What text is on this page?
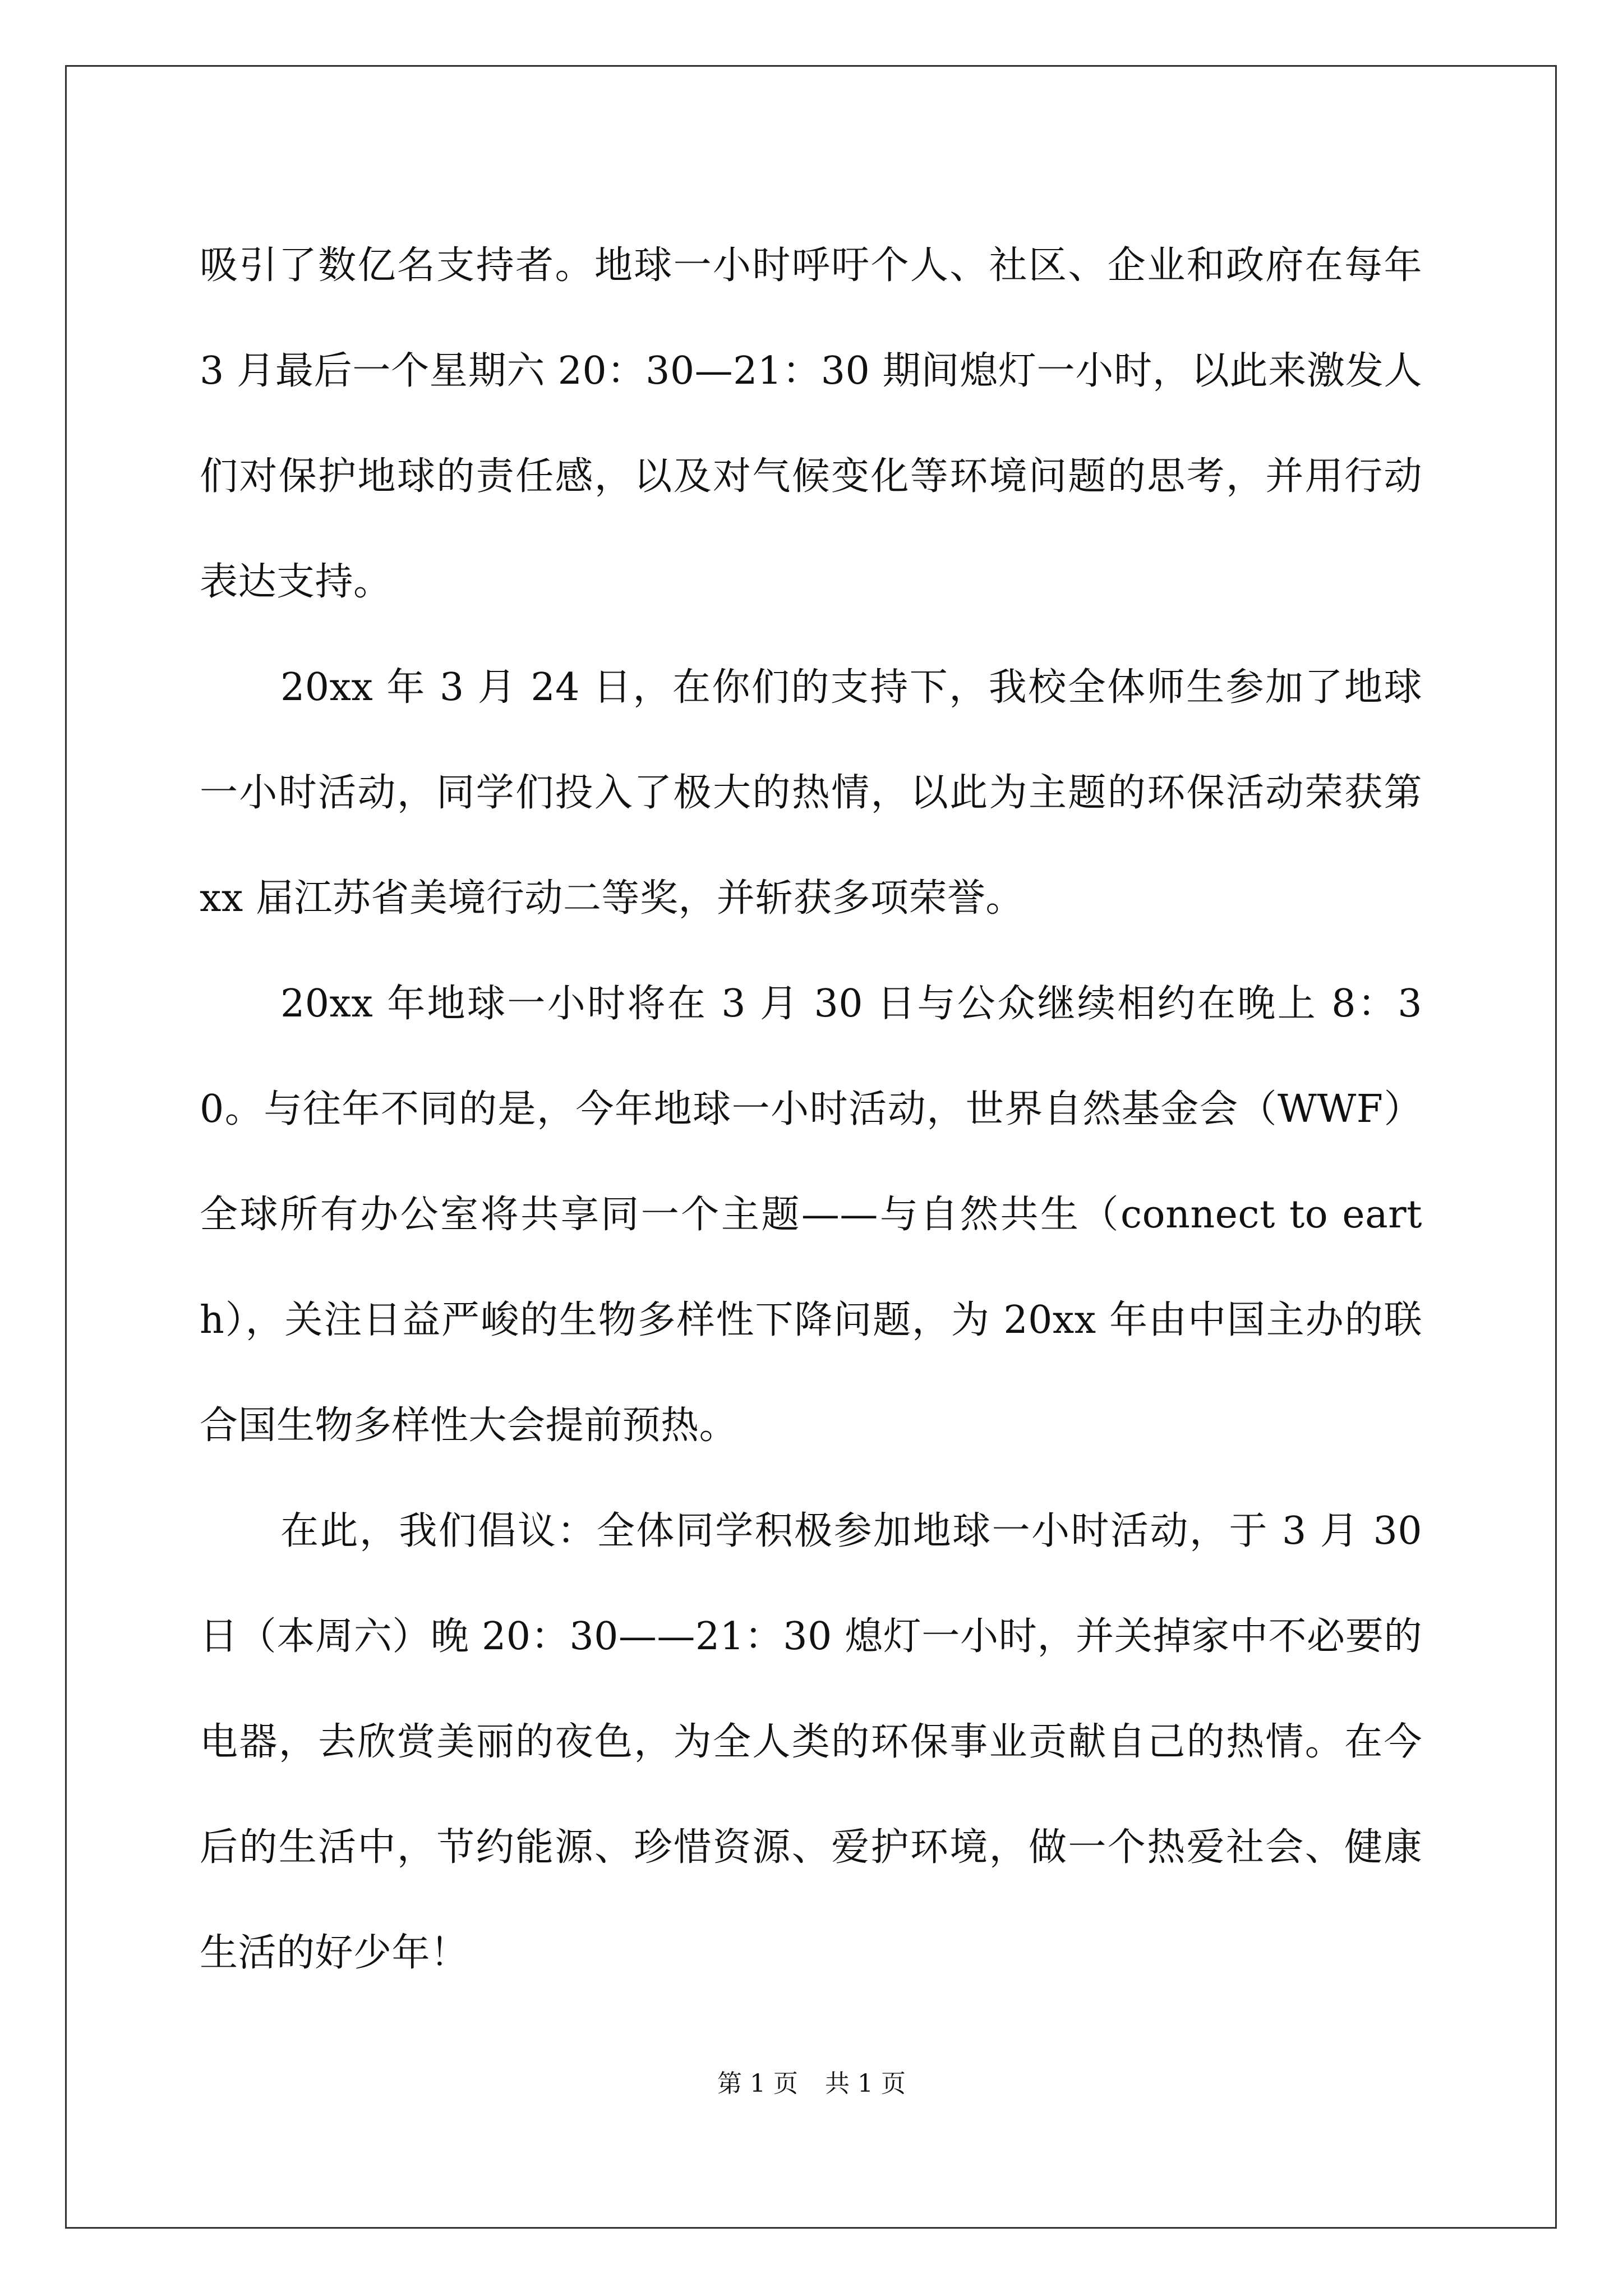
吸引了数亿名支持者。地球一小时呼吁个人、社区、企业和政府在每年 3 月最后一个星期六 20：30—21：30 期间熄灯一小时，以此来激发人们对保护地球的责任感，以及对气候变化等环境问题的思考，并用行动表达支持。

20xx 年 3 月 24 日，在你们的支持下，我校全体师生参加了地球一小时活动，同学们投入了极大的热情，以此为主题的环保活动荣获第 xx 届江苏省美境行动二等奖，并斩获多项荣誉。

20xx 年地球一小时将在 3 月 30 日与公众继续相约在晚上 8：30。与往年不同的是，今年地球一小时活动，世界自然基金会（WWF）全球所有办公室将共享同一个主题——与自然共生（connect to earth），关注日益严峻的生物多样性下降问题，为 20xx 年由中国主办的联合国生物多样性大会提前预热。

在此，我们倡议：全体同学积极参加地球一小时活动，于 3 月 30 日（本周六）晚 20：30——21：30 熄灯一小时，并关掉家中不必要的电器，去欣赏美丽的夜色，为全人类的环保事业贡献自己的热情。在今后的生活中，节约能源、珍惜资源、爱护环境，做一个热爱社会、健康生活的好少年！

第 1 页 共 1 页
